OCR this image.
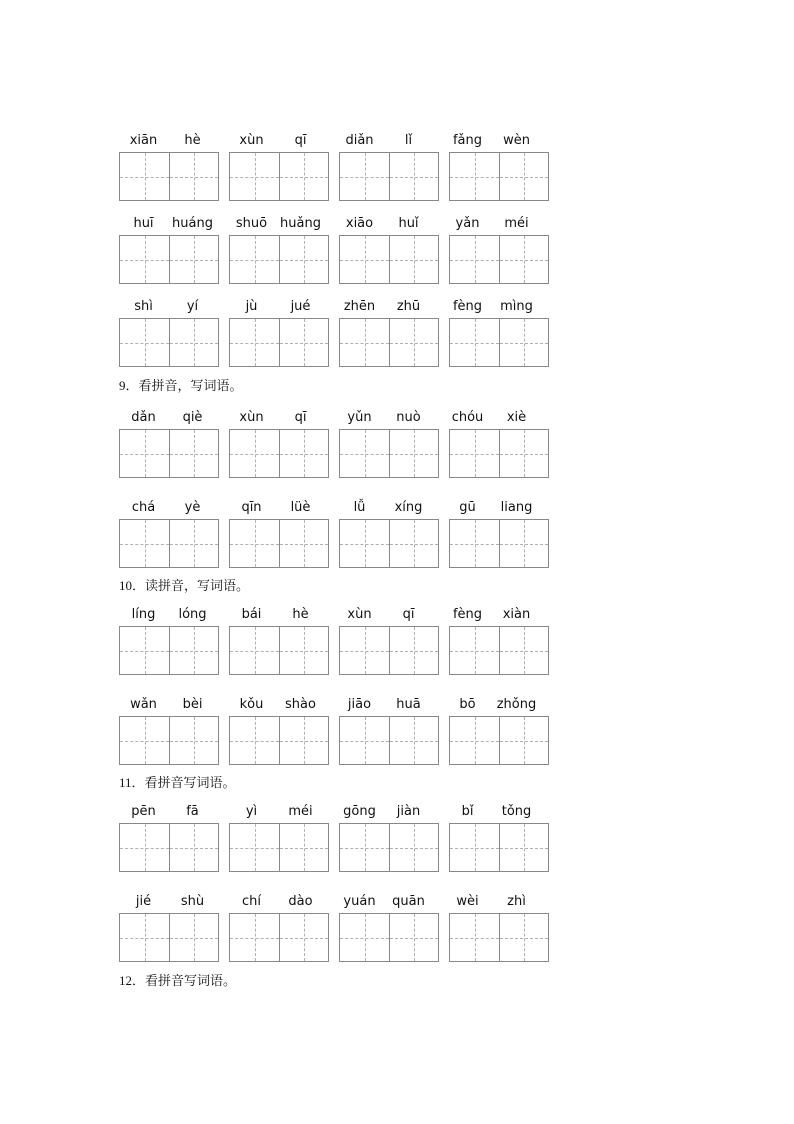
xiān	hè	xùn	qī	diǎn	lǐ	fǎng	wèn
huī	huáng	shuō huǎng	xiāo	huǐ	yǎn	méi
shì	yí	jù	jué	zhēn	zhū	fèng	mìng
9．看拼音，写词语。
dǎn	qiè	xùn	qī	yǔn	nuò	chóu	xiè
chá	yè	qīn	lüè	lǚ	xíng	gū	liang
10．读拼音，写词语。
líng	lóng	bái	hè	xùn	qī	fèng	xiàn
wǎn	bèi	kǒu	shào	jiāo	huā	bō	zhǒng
11．看拼音写词语。
pēn	fā	yì	méi	gōng	jiàn	bǐ	tǒng
jié	shù	chí	dào	yuán	quān	wèi	zhì
12．看拼音写词语。
